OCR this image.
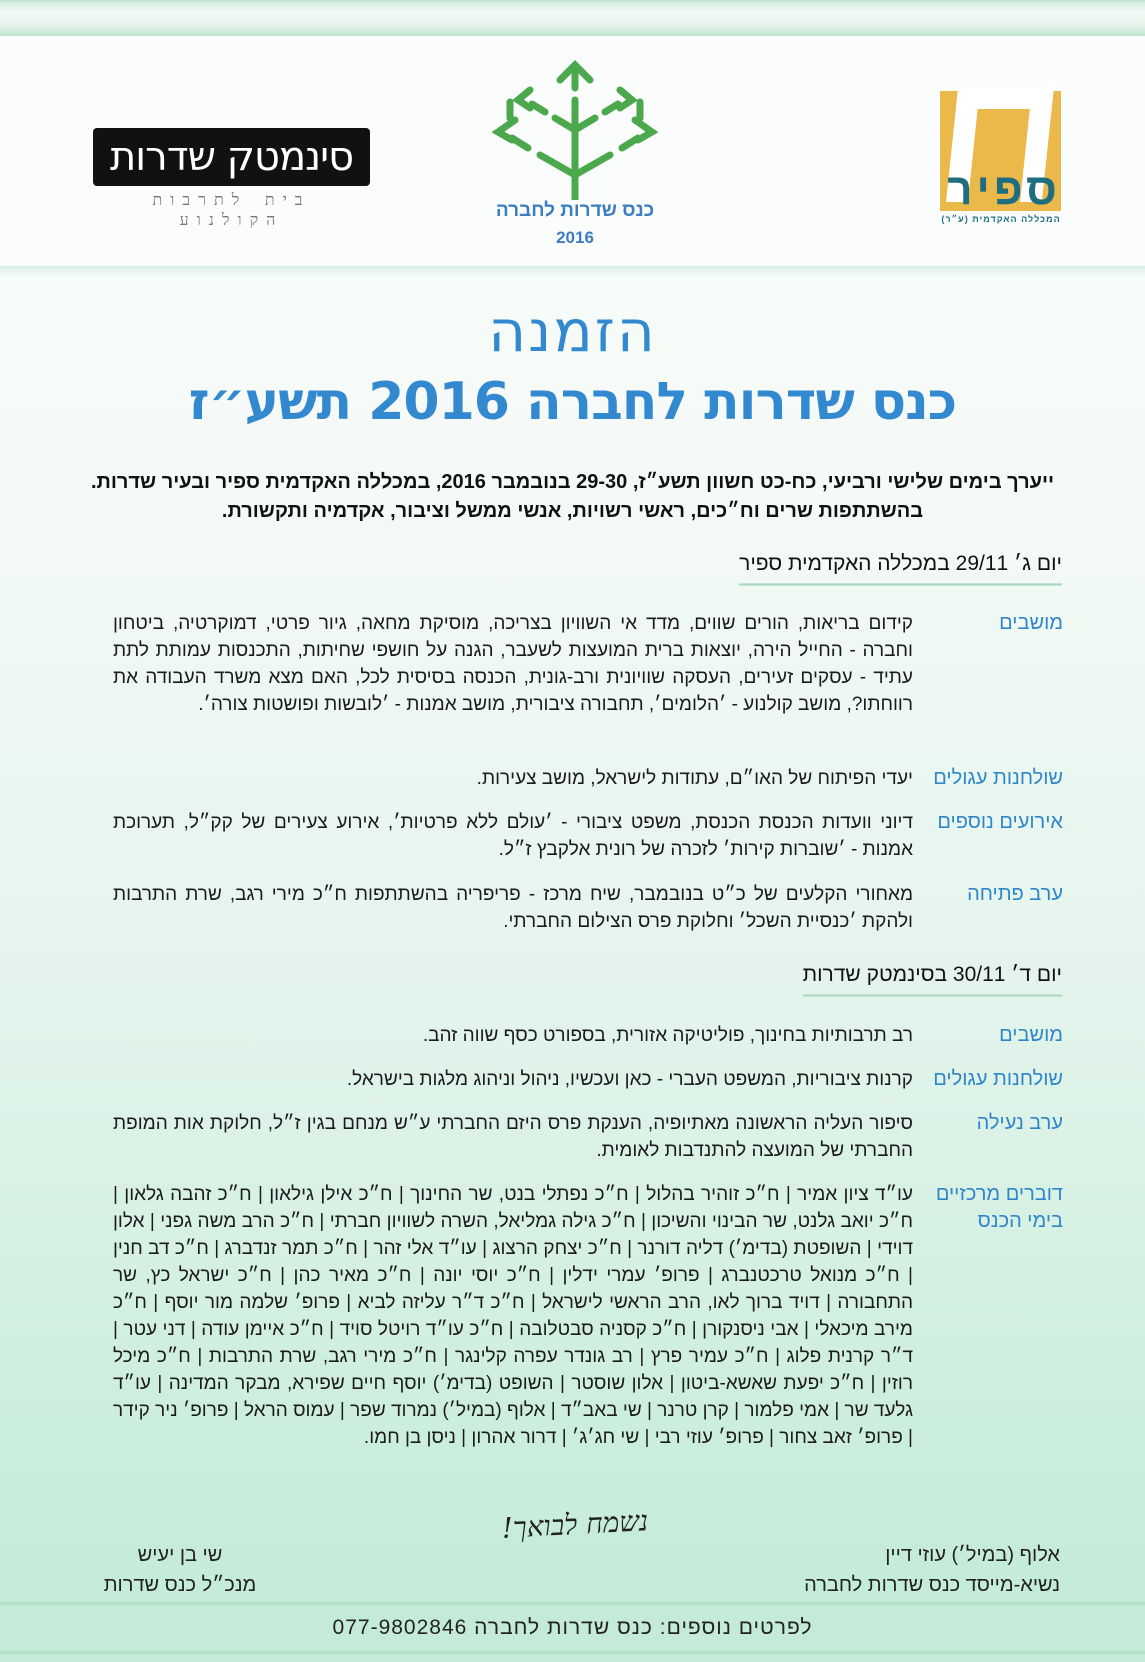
סינמטק שדרות
בית לתרבות הקולנוע	כנס שדרות לחברה
2016
ספיר
המכללה האקדמית (ע״ר)
הזמנה
כנס שדרות לחברה 2016 תשע״ז
ייערך בימים שלישי ורביעי, כח-כט חשוון תשע״ז, 29-30 בנובמבר 2016, במכללה האקדמית ספיר ובעיר שדרות.
בהשתתפות שרים וח״כים, ראשי רשויות, אנשי ממשל וציבור, אקדמיה ותקשורת.
יום ג׳ 29/11 במכללה האקדמית ספיר
מושבים
קידום בריאות, הורים שווים, מדד אי השוויון בצריכה, מוסיקת מחאה, גיור פרטי, דמוקרטיה, ביטחון וחברה - החייל הירה, יוצאות ברית המועצות לשעבר, הגנה על חושפי שחיתות, התכנסות עמותת לתת עתיד - עסקים זעירים, העסקה שוויונית ורב-גונית, הכנסה בסיסית לכל, האם מצא משרד העבודה את רווחתו?, מושב קולנוע - ׳הלומים׳, תחבורה ציבורית, מושב אמנות - ׳לובשות ופושטות צורה׳.
שולחנות עגולים
יעדי הפיתוח של האו״ם, עתודות לישראל, מושב צעירות.
אירועים נוספים
דיוני וועדות הכנסת הכנסת, משפט ציבורי - ׳עולם ללא פרטיות׳, אירוע צעירים של קק״ל, תערוכת אמנות - ׳שוברות קירות׳ לזכרה של רונית אלקבץ ז״ל.
ערב פתיחה
מאחורי הקלעים של כ״ט בנובמבר, שיח מרכז - פריפריה בהשתתפות ח״כ מירי רגב, שרת התרבות ולהקת ׳כנסיית השכל׳ וחלוקת פרס הצילום החברתי.
יום ד׳ 30/11 בסינמטק שדרות
מושבים
רב תרבותיות בחינוך, פוליטיקה אזורית, בספורט כסף שווה זהב.
שולחנות עגולים
קרנות ציבוריות, המשפט העברי - כאן ועכשיו, ניהול וניהוג מלגות בישראל.
ערב נעילה
סיפור העליה הראשונה מאתיופיה, הענקת פרס היזם החברתי ע״ש מנחם בגין ז״ל, חלוקת אות המופת החברתי של המועצה להתנדבות לאומית.
דוברים מרכזיים
בימי הכנס
עו״ד ציון אמיר | ח״כ זוהיר בהלול | ח״כ נפתלי בנט, שר החינוך | ח״כ אילן גילאון | ח״כ זהבה גלאון | ח״כ יואב גלנט, שר הבינוי והשיכון | ח״כ גילה גמליאל, השרה לשוויון חברתי | ח״כ הרב משה גפני | אלון דוידי | השופטת (בדימ׳) דליה דורנר | ח״כ יצחק הרצוג | עו״ד אלי זהר | ח״כ תמר זנדברג | ח״כ דב חנין | ח״כ מנואל טרכטנברג | פרופ׳ עמרי ידלין | ח״כ יוסי יונה | ח״כ מאיר כהן | ח״כ ישראל כץ, שר התחבורה | דויד ברוך לאו, הרב הראשי לישראל | ח״כ ד״ר עליזה לביא | פרופ׳ שלמה מור יוסף | ח״כ מירב מיכאלי | אבי ניסנקורן | ח״כ קסניה סבטלובה | ח״כ עו״ד רויטל סויד | ח״כ איימן עודה | דני עטר | ד״ר קרנית פלוג | ח״כ עמיר פרץ | רב גונדר עפרה קלינגר | ח״כ מירי רגב, שרת התרבות | ח״כ מיכל רוזין | ח״כ יפעת שאשא-ביטון | אלון שוסטר | השופט (בדימ׳) יוסף חיים שפירא, מבקר המדינה | עו״ד גלעד שר | אמי פלמור | קרן טרנר | שי באב״ד | אלוף (במיל׳) נמרוד שפר | עמוס הראל | פרופ׳ ניר קידר | פרופ׳ זאב צחור | פרופ׳ עוזי רבי | שי חג׳ג׳ | דרור אהרון | ניסן בן חמו.
נשמח לבואך!
אלוף (במיל׳) עוזי דיין
נשיא-מייסד כנס שדרות לחברה
שי בן יעיש
מנכ״ל כנס שדרות
לפרטים נוספים: כנס שדרות לחברה 077-9802846
